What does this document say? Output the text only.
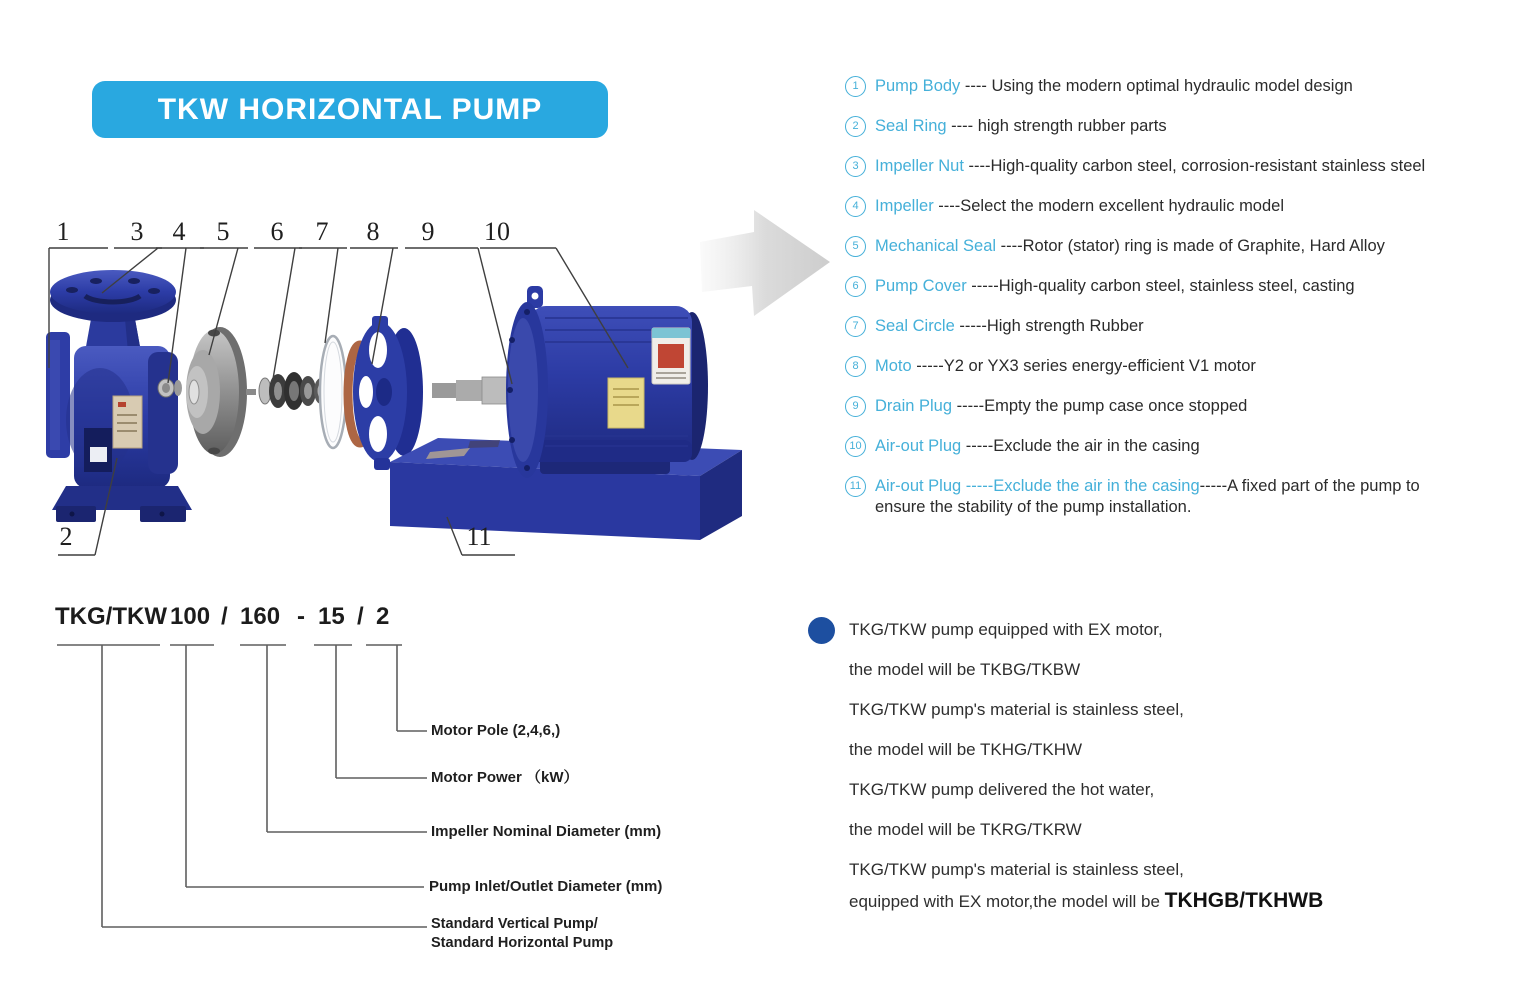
TKW HORIZONTAL PUMP
1 3 4 5 6 7 8 9 10
2	11
1 Pump Body ---- Using the modern optimal hydraulic model design
2 Seal Ring ---- high strength rubber parts
3 Impeller Nut ----High-quality carbon steel, corrosion-resistant stainless steel
4 Impeller ----Select the modern excellent hydraulic model
5 Mechanical Seal ----Rotor (stator) ring is made of Graphite, Hard Alloy
6 Pump Cover -----High-quality carbon steel, stainless steel, casting
7 Seal Circle -----High strength Rubber
8 Moto -----Y2 or YX3 series energy-efficient V1 motor
9 Drain Plug -----Empty the pump case once stopped
10 Air-out Plug -----Exclude the air in the casing
11 Air-out Plug -----Exclude the air in the casing-----A fixed part of the pump to ensure the stability of the pump installation.
TKG/TKW 100 / 160 - 15 / 2
Motor Pole (2,4,6,)
Motor Power （kW）
Impeller Nominal Diameter (mm)
Pump Inlet/Outlet Diameter (mm)
Standard Vertical Pump/
Standard Horizontal Pump
TKG/TKW pump equipped with EX motor,
the model will be TKBG/TKBW
TKG/TKW pump's material is stainless steel,
the model will be TKHG/TKHW
TKG/TKW pump delivered the hot water,
the model will be TKRG/TKRW
TKG/TKW pump's material is stainless steel,
equipped with EX motor,the model will be TKHGB/TKHWB
